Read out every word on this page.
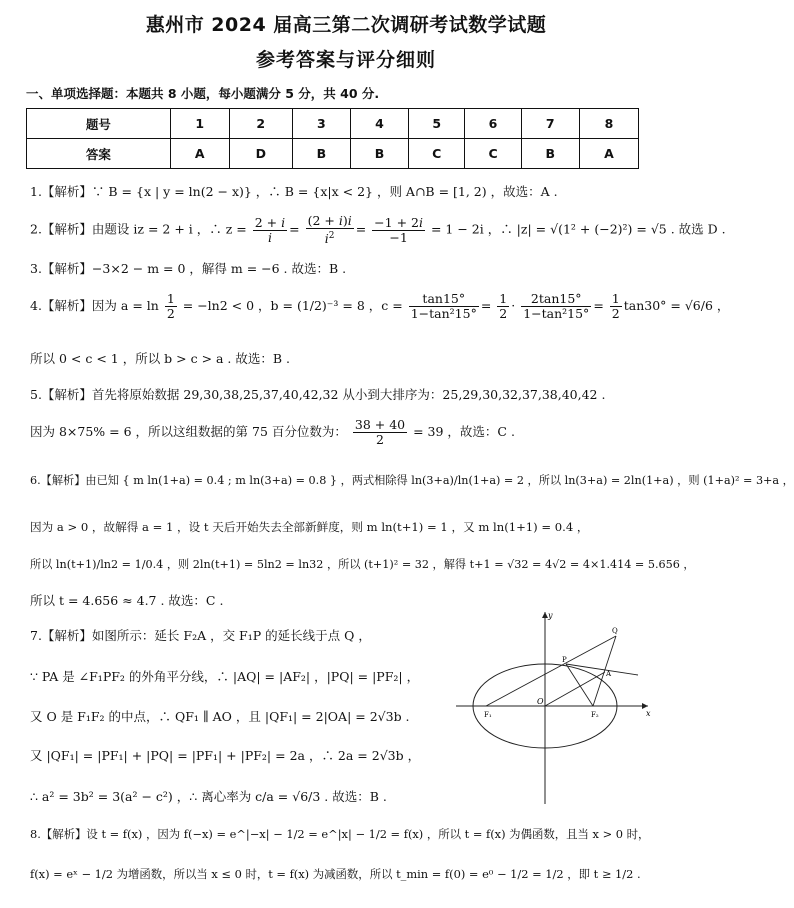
惠州市 2024 届高三第二次调研考试数学试题
参考答案与评分细则
一、单项选择题：本题共 8 小题，每小题满分 5 分，共 40 分.
题号	1	2	3	4	5	6	7	8
答案	A	D	B	B	C	C	B	A
1.【解析】∵ B = {x | y = ln(2 − x)} ，∴ B = {x|x < 2} ，则 A∩B = [1, 2) ，故选：A .
2.【解析】由题设 iz = 2 + i ，∴ $z = \frac{2 + i}{i} = \frac{(2 + i)i}{i^2} = \frac{-1 + 2i}{-1} = 1 - 2i$ ，∴ |z| = √(1² + (−2)²) = √5 . 故选 D .
3.【解析】−3×2 − m = 0 ，解得 m = −6 . 故选：B .
4.【解析】因为 $a = \ln \frac{1}{2} = -\ln 2 < 0$ ，b = (1/2)⁻³ = 8 ，$c = \frac{\tan 15^\circ}{\text{1−tan²15°}} = \frac{1}{2} \cdot \frac{2\tan 15^\circ}{\text{1−tan²15°}} = \frac{1}{2} \tan 30^\circ = √6/6$ ，
所以 0 < c < 1 ，所以 b > c > a . 故选：B .
5.【解析】首先将原始数据 29,30,38,25,37,40,42,32 从小到大排序为：25,29,30,32,37,38,40,42 .
因为 8×75% = 6 ，所以这组数据的第 75 百分位数为： $\frac{38 + 40}{2} = 39$ ，故选：C .
6.【解析】由已知 { m ln(1+a) = 0.4 ; m ln(3+a) = 0.8 } ，两式相除得 ln(3+a)/ln(1+a) = 2 ，所以 ln(3+a) = 2ln(1+a) ，则 (1+a)² = 3+a ，
因为 a > 0 ，故解得 a = 1 ，设 t 天后开始失去全部新鲜度，则 m ln(t+1) = 1 ，又 m ln(1+1) = 0.4 ，
所以 ln(t+1)/ln2 = 1/0.4 ，则 2ln(t+1) = 5ln2 = ln32 ，所以 (t+1)² = 32 ，解得 t+1 = √32 = 4√2 = 4×1.414 = 5.656 ，
所以 t = 4.656 ≈ 4.7 . 故选：C .
7.【解析】如图所示：延长 F₂A ，交 F₁P 的延长线于点 Q ，
∵ PA 是 ∠F₁PF₂ 的外角平分线，∴ |AQ| = |AF₂| ，|PQ| = |PF₂| ，
又 O 是 F₁F₂ 的中点，∴ QF₁ ∥ AO ，且 |QF₁| = 2|OA| = 2√3b .
又 |QF₁| = |PF₁| + |PQ| = |PF₁| + |PF₂| = 2a ，∴ 2a = 2√3b ，
∴ a² = 3b² = 3(a² − c²) ，∴ 离心率为 c/a = √6/3 . 故选：B .
y
x
O
F₁	F₂
P
A
Q
8.【解析】设 t = f(x) ，因为 f(−x) = e^|−x| − 1/2 = e^|x| − 1/2 = f(x) ，所以 t = f(x) 为偶函数，且当 x > 0 时，
f(x) = eˣ − 1/2 为增函数，所以当 x ≤ 0 时，t = f(x) 为减函数，所以 t_min = f(0) = e⁰ − 1/2 = 1/2 ，即 t ≥ 1/2 .
